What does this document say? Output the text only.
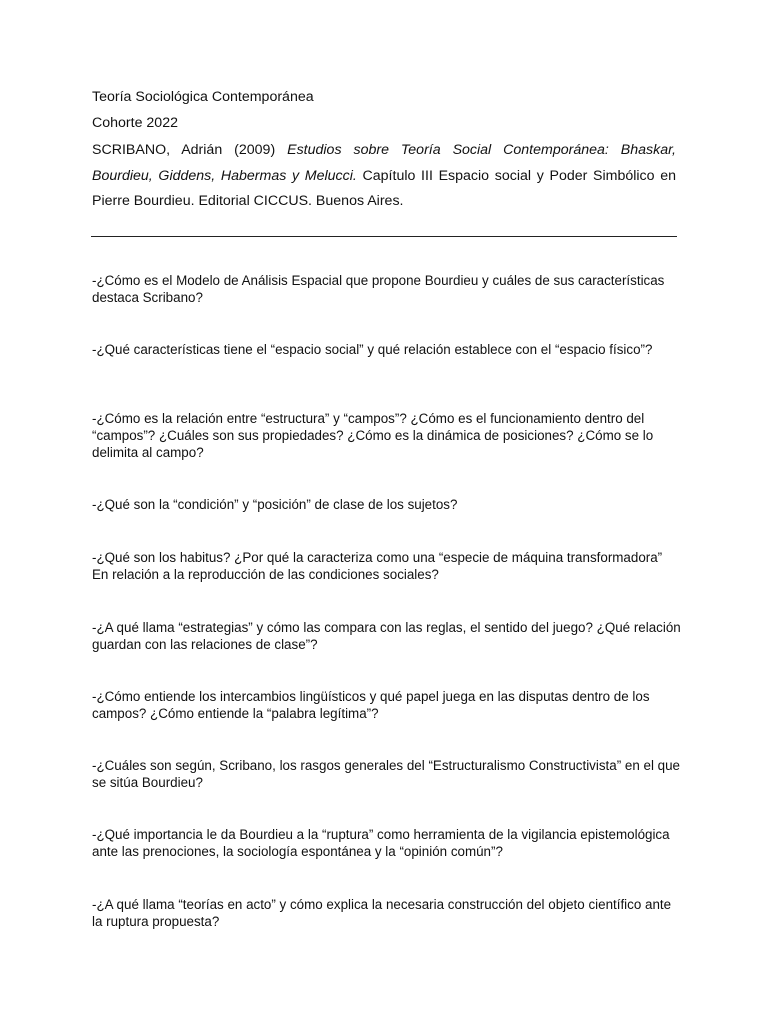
Teoría Sociológica Contemporánea

Cohorte 2022

SCRIBANO, Adrián (2009) Estudios sobre Teoría Social Contemporánea: Bhaskar, Bourdieu, Giddens, Habermas y Melucci. Capítulo III Espacio social y Poder Simbólico en Pierre Bourdieu. Editorial CICCUS. Buenos Aires.

-¿Cómo es el Modelo de Análisis Espacial que propone Bourdieu y cuáles de sus características destaca Scribano?

-¿Qué características tiene el “espacio social” y qué relación establece con el “espacio físico”?

-¿Cómo es la relación entre “estructura” y “campos”? ¿Cómo es el funcionamiento dentro del “campos”? ¿Cuáles son sus propiedades? ¿Cómo es la dinámica de posiciones? ¿Cómo se lo delimita al campo?

-¿Qué son la “condición” y “posición” de clase de los sujetos?

-¿Qué son los habitus? ¿Por qué la caracteriza como una “especie de máquina transformadora” En relación a la reproducción de las condiciones sociales?

-¿A qué llama “estrategias” y cómo las compara con las reglas, el sentido del juego? ¿Qué relación guardan con las relaciones de clase”?

-¿Cómo entiende los intercambios lingüísticos y qué papel juega en las disputas dentro de los campos? ¿Cómo entiende la “palabra legítima”?

-¿Cuáles son según, Scribano, los rasgos generales del “Estructuralismo Constructivista” en el que se sitúa Bourdieu?

-¿Qué importancia le da Bourdieu a la “ruptura” como herramienta de la vigilancia epistemológica ante las prenociones, la sociología espontánea y la “opinión común”?

-¿A qué llama “teorías en acto” y cómo explica la necesaria construcción del objeto científico ante la ruptura propuesta?
